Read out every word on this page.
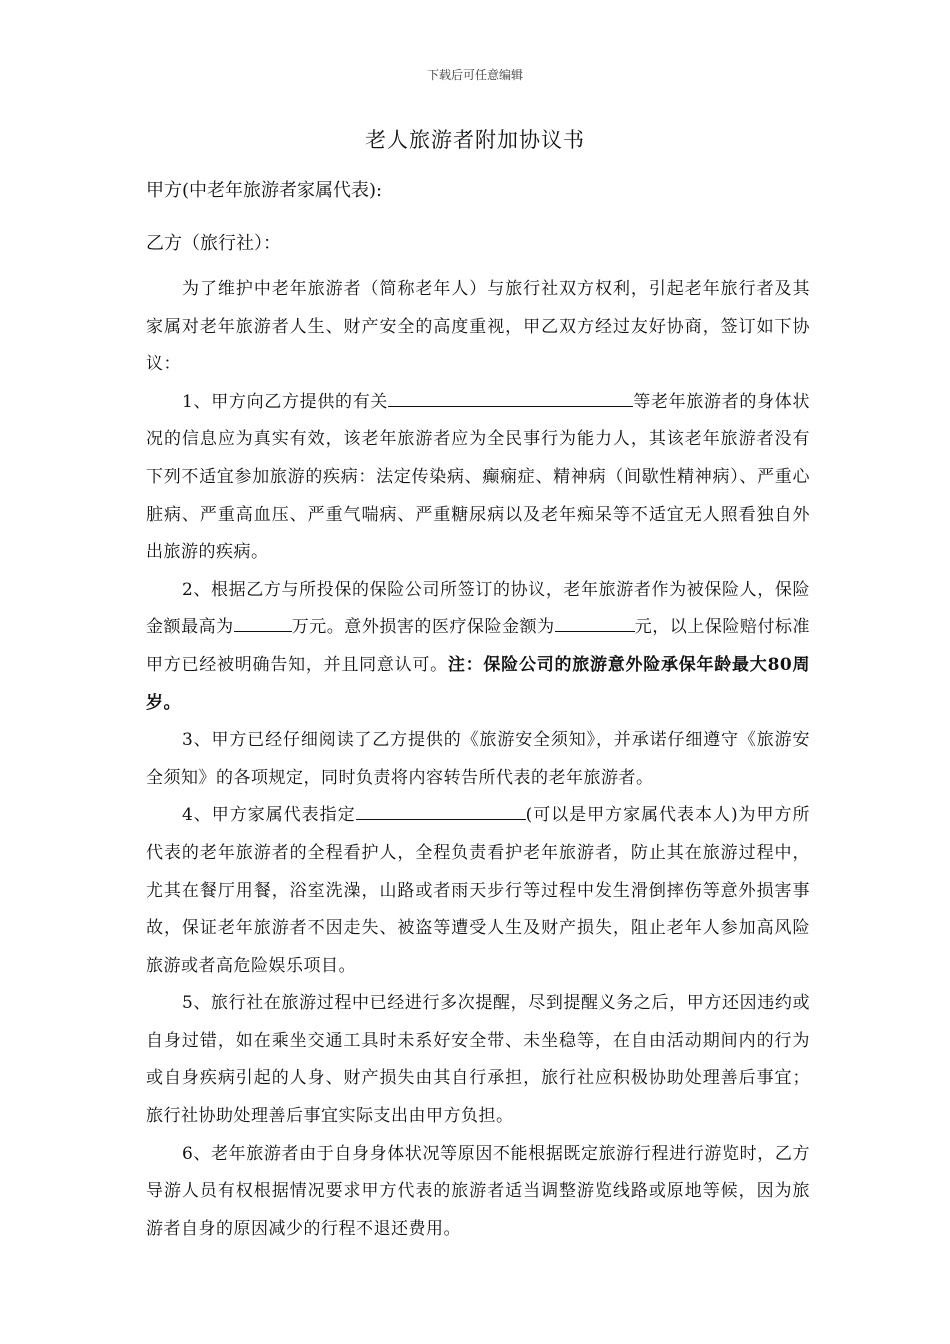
下载后可任意编辑
老人旅游者附加协议书
甲方(中老年旅游者家属代表):
乙方（旅行社）：

为了维护中老年旅游者（简称老年人）与旅行社双方权利，引起老年旅行者及其家属对老年旅游者人生、财产安全的高度重视，甲乙双方经过友好协商，签订如下协议：

1、甲方向乙方提供的有关	等老年旅游者的身体状况的信息应为真实有效，该老年旅游者应为全民事行为能力人，其该老年旅游者没有下列不适宜参加旅游的疾病：法定传染病、癫痫症、精神病（间歇性精神病）、严重心脏病、严重高血压、严重气喘病、严重糖尿病以及老年痴呆等不适宜无人照看独自外出旅游的疾病。

2、根据乙方与所投保的保险公司所签订的协议，老年旅游者作为被保险人，保险金额最高为	万元。意外损害的医疗保险金额为	元，以上保险赔付标准甲方已经被明确告知，并且同意认可。注：保险公司的旅游意外险承保年龄最大80周岁。

3、甲方已经仔细阅读了乙方提供的《旅游安全须知》，并承诺仔细遵守《旅游安全须知》的各项规定，同时负责将内容转告所代表的老年旅游者。

4、甲方家属代表指定	(可以是甲方家属代表本人)为甲方所代表的老年旅游者的全程看护人，全程负责看护老年旅游者，防止其在旅游过程中，尤其在餐厅用餐，浴室洗澡，山路或者雨天步行等过程中发生滑倒摔伤等意外损害事故，保证老年旅游者不因走失、被盗等遭受人生及财产损失，阻止老年人参加高风险旅游或者高危险娱乐项目。

5、旅行社在旅游过程中已经进行多次提醒，尽到提醒义务之后，甲方还因违约或自身过错，如在乘坐交通工具时未系好安全带、未坐稳等，在自由活动期间内的行为或自身疾病引起的人身、财产损失由其自行承担，旅行社应积极协助处理善后事宜；旅行社协助处理善后事宜实际支出由甲方负担。

6、老年旅游者由于自身身体状况等原因不能根据既定旅游行程进行游览时，乙方导游人员有权根据情况要求甲方代表的旅游者适当调整游览线路或原地等候，因为旅游者自身的原因减少的行程不退还费用。
